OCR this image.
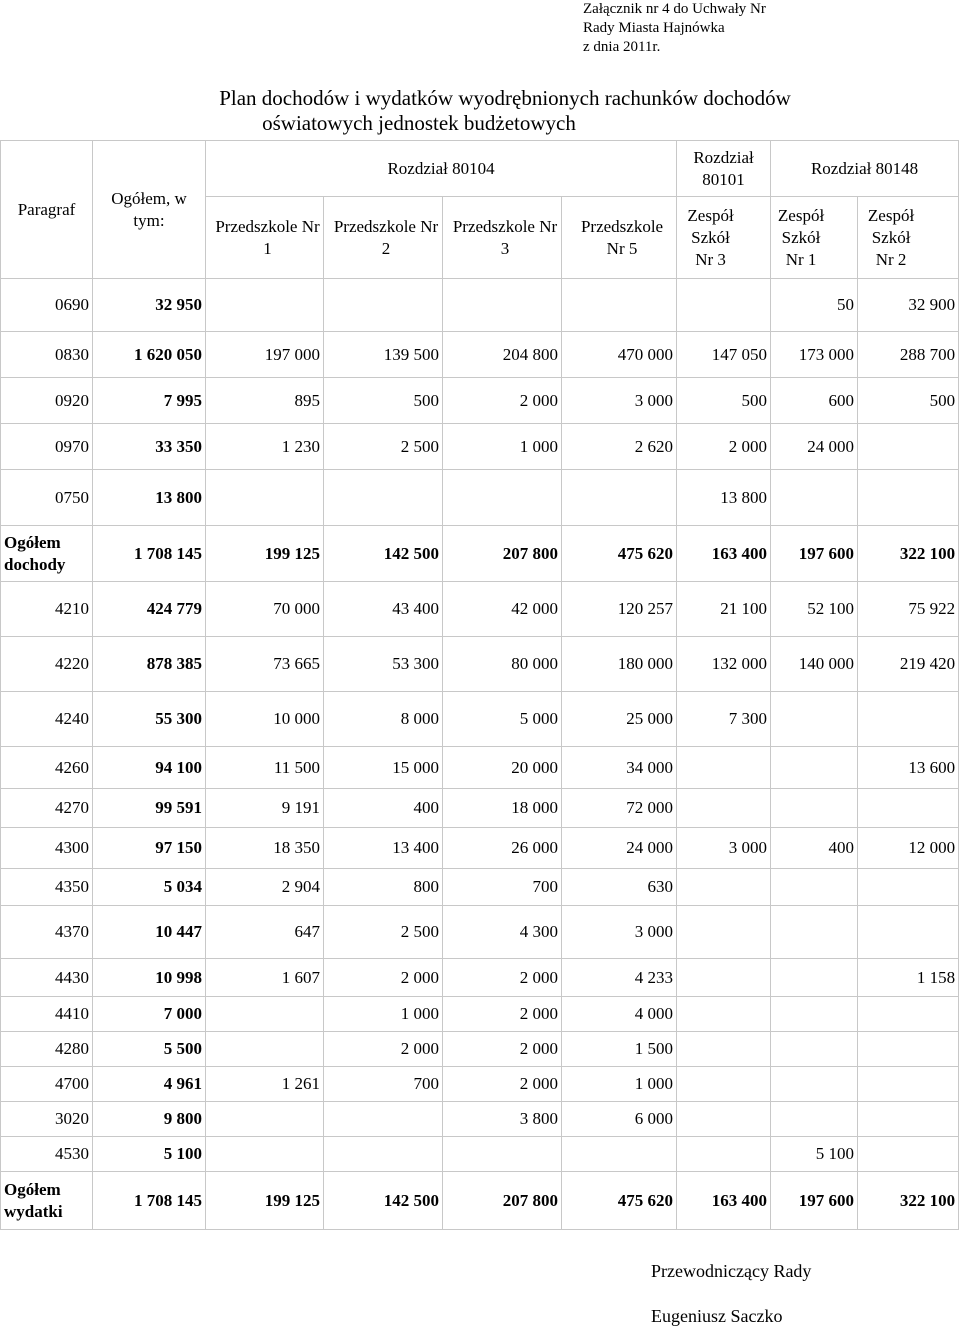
Załącznik nr 4 do Uchwały Nr
Rady Miasta Hajnówka
z dnia 2011r.
Plan dochodów i wydatków wyodrębnionych rachunków dochodów
oświatowych jednostek budżetowych
Paragraf	Ogółem, w tym:	Rozdział 80104				Rozdział 80101	Rozdział 80148	
		Przedszkole Nr 1	Przedszkole Nr 2	Przedszkole Nr 3	Przedszkole Nr 5	Zespół Szkół Nr 3	Zespół Szkół Nr 1	Zespół Szkół Nr 2
0690	32 950						50	32 900
0830	1 620 050	197 000	139 500	204 800	470 000	147 050	173 000	288 700
0920	7 995	895	500	2 000	3 000	500	600	500
0970	33 350	1 230	2 500	1 000	2 620	2 000	24 000	
0750	13 800					13 800		
Ogółem dochody	1 708 145	199 125	142 500	207 800	475 620	163 400	197 600	322 100
4210	424 779	70 000	43 400	42 000	120 257	21 100	52 100	75 922
4220	878 385	73 665	53 300	80 000	180 000	132 000	140 000	219 420
4240	55 300	10 000	8 000	5 000	25 000	7 300		
4260	94 100	11 500	15 000	20 000	34 000			13 600
4270	99 591	9 191	400	18 000	72 000			
4300	97 150	18 350	13 400	26 000	24 000	3 000	400	12 000
4350	5 034	2 904	800	700	630			
4370	10 447	647	2 500	4 300	3 000			
4430	10 998	1 607	2 000	2 000	4 233			1 158
4410	7 000		1 000	2 000	4 000			
4280	5 500		2 000	2 000	1 500			
4700	4 961	1 261	700	2 000	1 000			
3020	9 800			3 800	6 000			
4530	5 100						5 100	
Ogółem wydatki	1 708 145	199 125	142 500	207 800	475 620	163 400	197 600	322 100
Przewodniczący Rady
Eugeniusz Saczko
